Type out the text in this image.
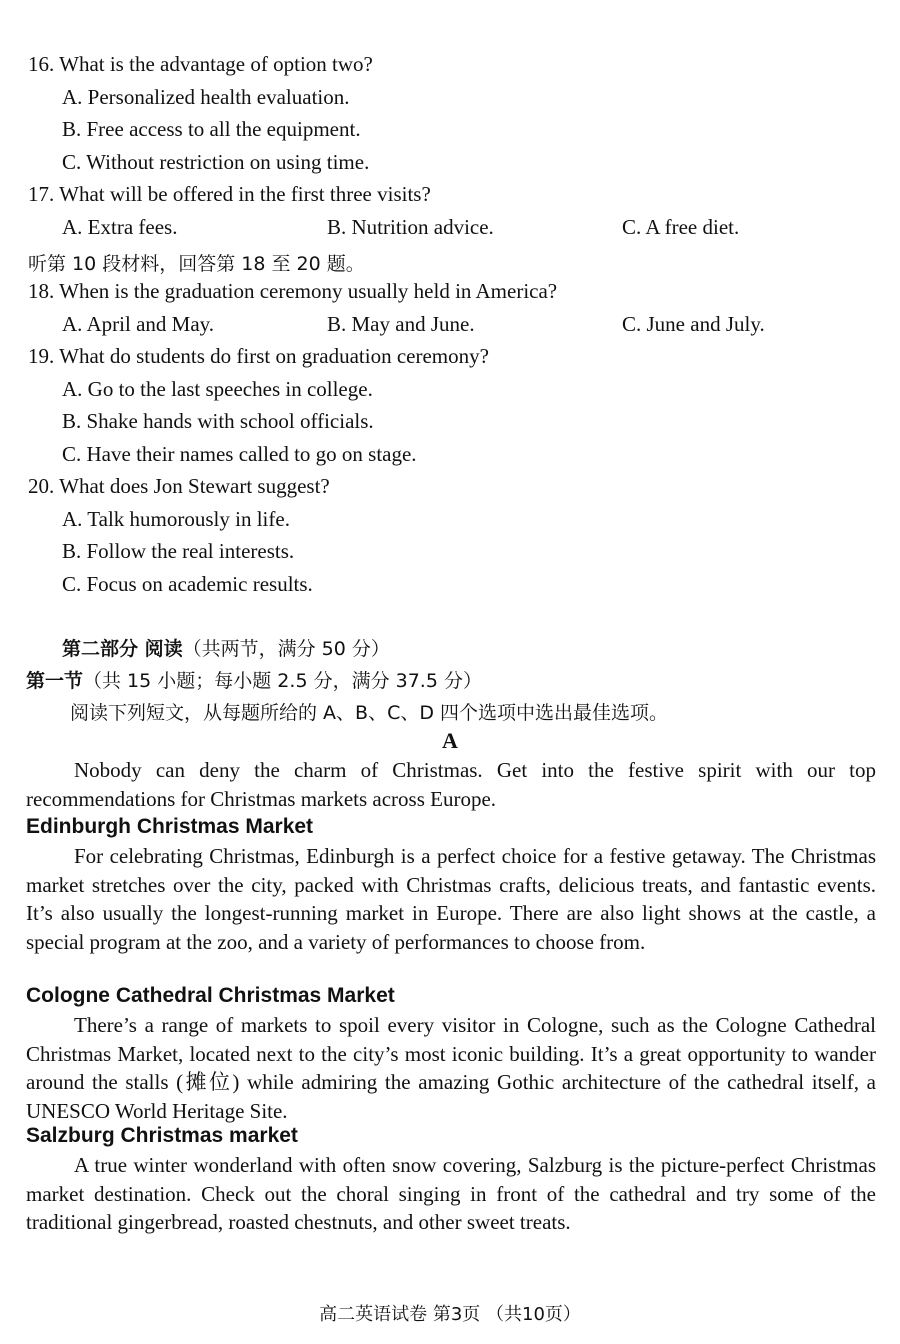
16. What is the advantage of option two?
A. Personalized health evaluation.
B. Free access to all the equipment.
C. Without restriction on using time.
17. What will be offered in the first three visits?
A. Extra fees.	B. Nutrition advice.	C. A free diet.
听第 10 段材料，回答第 18 至 20 题。
18. When is the graduation ceremony usually held in America?
A. April and May.	B. May and June.	C. June and July.
19. What do students do first on graduation ceremony?
A. Go to the last speeches in college.
B. Shake hands with school officials.
C. Have their names called to go on stage.
20. What does Jon Stewart suggest?
A. Talk humorously in life.
B. Follow the real interests.
C. Focus on academic results.
第二部分 阅读（共两节，满分 50 分）
第一节（共 15 小题；每小题 2.5 分，满分 37.5 分）
阅读下列短文，从每题所给的 A、B、C、D 四个选项中选出最佳选项。
A

Nobody can deny the charm of Christmas. Get into the festive spirit with our top recommendations for Christmas markets across Europe.

Edinburgh Christmas Market

For celebrating Christmas, Edinburgh is a perfect choice for a festive getaway. The Christmas market stretches over the city, packed with Christmas crafts, delicious treats, and fantastic events. It’s also usually the longest-running market in Europe. There are also light shows at the castle, a special program at the zoo, and a variety of performances to choose from.

Cologne Cathedral Christmas Market

There’s a range of markets to spoil every visitor in Cologne, such as the Cologne Cathedral Christmas Market, located next to the city’s most iconic building. It’s a great opportunity to wander around the stalls (摊位) while admiring the amazing Gothic architecture of the cathedral itself, a UNESCO World Heritage Site.

Salzburg Christmas market

A true winter wonderland with often snow covering, Salzburg is the picture-perfect Christmas market destination. Check out the choral singing in front of the cathedral and try some of the traditional gingerbread, roasted chestnuts, and other sweet treats.

高二英语试卷 第3页 （共10页）
